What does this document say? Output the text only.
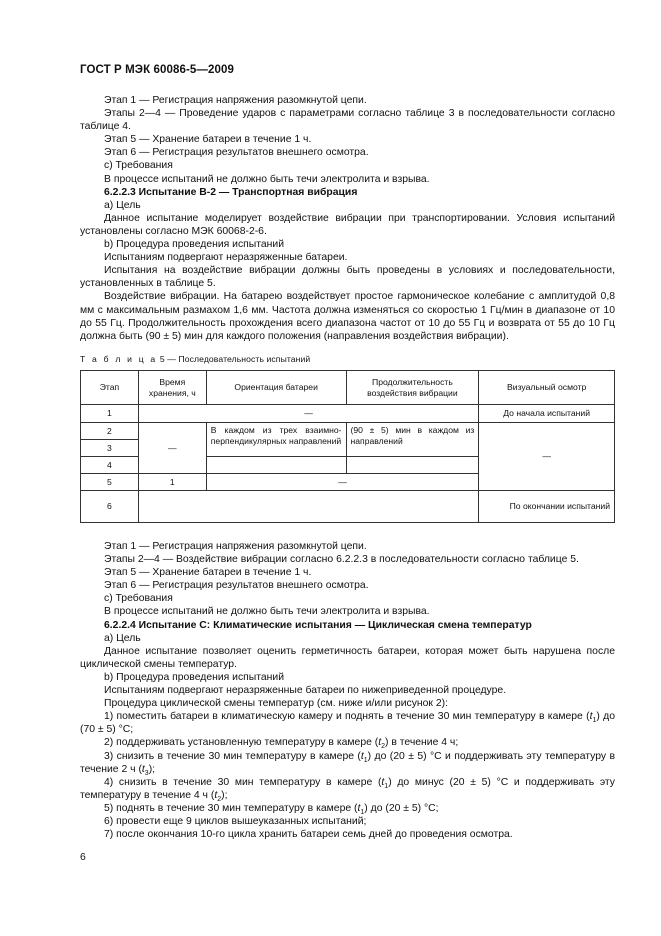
ГОСТ Р МЭК 60086-5—2009

Этап 1 — Регистрация напряжения разомкнутой цепи.

Этапы 2—4 — Проведение ударов с параметрами согласно таблице 3 в последовательности согласно таблице 4.

Этап 5 — Хранение батареи в течение 1 ч.

Этап 6 — Регистрация результатов внешнего осмотра.

c) Требования

В процессе испытаний не должно быть течи электролита и взрыва.

6.2.2.3 Испытание В-2 — Транспортная вибрация

a) Цель

Данное испытание моделирует воздействие вибрации при транспортировании. Условия испытаний установлены согласно МЭК 60068-2-6.

b) Процедура проведения испытаний

Испытаниям подвергают неразряженные батареи.

Испытания на воздействие вибрации должны быть проведены в условиях и последовательности, установленных в таблице 5.

Воздействие вибрации. На батарею воздействует простое гармоническое колебание с амплитудой 0,8 мм с максимальным размахом 1,6 мм. Частота должна изменяться со скоростью 1 Гц/мин в диапазоне от 10 до 55 Гц. Продолжительность прохождения всего диапазона частот от 10 до 55 Гц и возврата от 55 до 10 Гц должна быть (90 ± 5) мин для каждого положения (направления воздействия вибрации).

Т а б л и ц а 5 — Последовательность испытаний
Этап	Время хранения, ч	Ориентация батареи	Продолжительность воздействия вибрации	Визуальный осмотр
1	—			До начала испытаний
2	—	В каждом из трех взаимно-перпендикулярных направлений	(90 ± 5) мин в каждом из направлений	—
3				
4				
5	1	—		
6				По окончании испытаний

Этап 1 — Регистрация напряжения разомкнутой цепи.

Этапы 2—4 — Воздействие вибрации согласно 6.2.2.3 в последовательности согласно таблице 5.

Этап 5 — Хранение батареи в течение 1 ч.

Этап 6 — Регистрация результатов внешнего осмотра.

c) Требования

В процессе испытаний не должно быть течи электролита и взрыва.

6.2.2.4 Испытание С: Климатические испытания — Циклическая смена температур

a) Цель

Данное испытание позволяет оценить герметичность батареи, которая может быть нарушена после циклической смены температур.

b) Процедура проведения испытаний

Испытаниям подвергают неразряженные батареи по нижеприведенной процедуре.

Процедура циклической смены температур (см. ниже и/или рисунок 2):

1) поместить батареи в климатическую камеру и поднять в течение 30 мин температуру в камере $(t_1)$ до (70 ± 5) °C;

2) поддерживать установленную температуру в камере $(t_2)$ в течение 4 ч;

3) снизить в течение 30 мин температуру в камере $(t_1)$ до (20 ± 5) °C и поддерживать эту температуру в течение 2 ч $(t_3)$;

4) снизить в течение 30 мин температуру в камере $(t_1)$ до минус (20 ± 5) °C и поддерживать эту температуру в течение 4 ч $(t_2)$;

5) поднять в течение 30 мин температуру в камере $(t_1)$ до (20 ± 5) °C;

6) провести еще 9 циклов вышеуказанных испытаний;

7) после окончания 10-го цикла хранить батареи семь дней до проведения осмотра.

6
